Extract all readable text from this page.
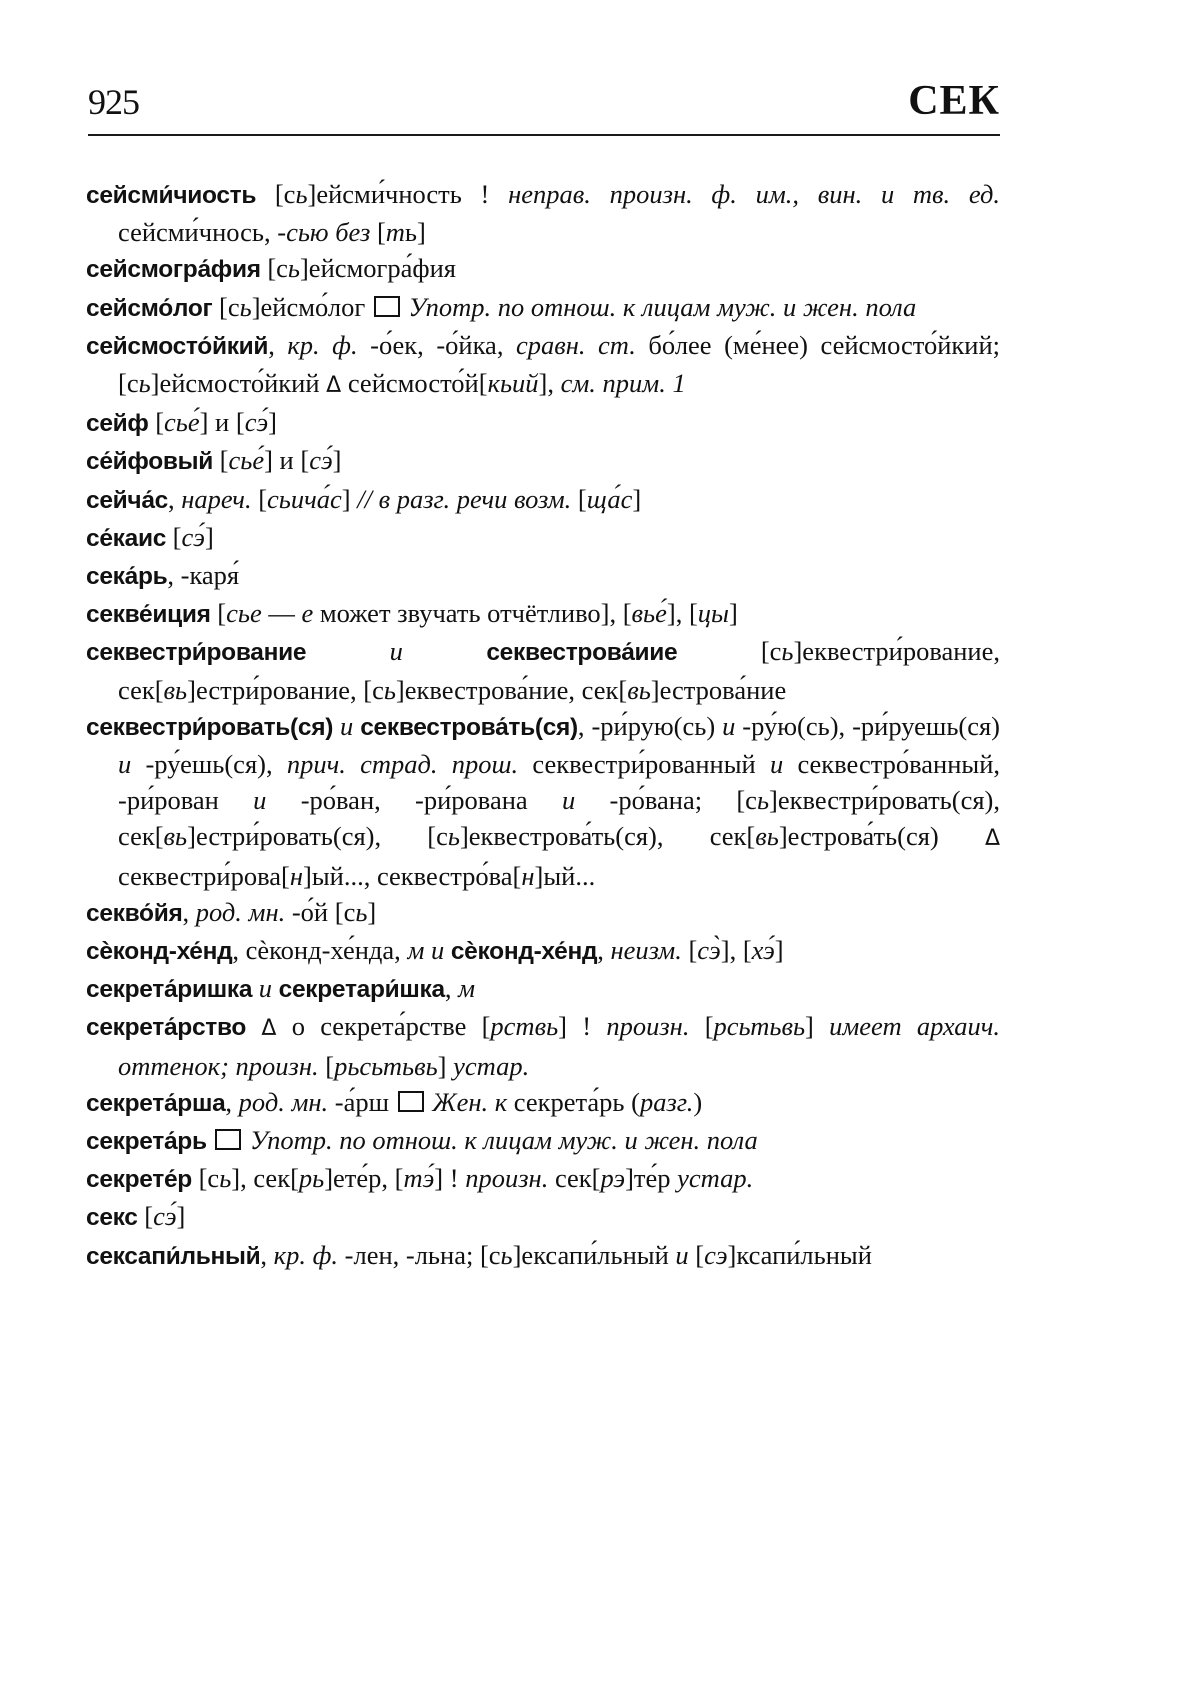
925	СЕК
сейсми́чиость [сь]ейсми́чность ! неправ. произн. ф. им., вин. и тв. ед. сейсми́чнось, -сью без [ть]
сейсмогра́фия [сь]ейсмогра́фия
сейсмо́лог [сь]ейсмо́лог  Употр. по отнош. к лицам муж. и жен. пола
сейсмосто́йкий, кр. ф. -о́ек, -о́йка, сравн. ст. бо́лее (ме́нее) сейсмосто́йкий; [сь]ейсмосто́йкий Δ сейсмосто́й[кьий], см. прим. 1
сейф [сье́] и [сэ́]
се́йфовый [сье́] и [сэ́]
сейча́с, нареч. [сьича́с] // в разг. речи возм. [ща́с]
се́каис [сэ́]
сека́рь, -каря́
секве́иция [сье — е может звучать отчётливо], [вье́], [цы]
секвестри́рование и секвестрова́иие [сь]еквестри́рование, сек[вь]естри́рование, [сь]еквестрова́ние, сек[вь]естрова́ние
секвестри́ровать(ся) и секвестрова́ть(ся), -ри́рую(сь) и -ру́ю(сь), -ри́руешь(ся) и -ру́ешь(ся), прич. страд. прош. секвестри́рованный и секвестро́ванный, -ри́рован и -ро́ван, -ри́рована и -ро́вана; [сь]еквестри́ровать(ся), сек[вь]естри́ровать(ся), [сь]еквестрова́ть(ся), сек[вь]естрова́ть(ся) Δ секвестри́рова[н]ый..., секвестро́ва[н]ый...
секво́йя, род. мн. -о́й [сь]
сѐконд-хе́нд, сѐконд-хе́нда, м и сѐконд-хе́нд, неизм. [сэ̀], [хэ́]
секрета́ришка и секретари́шка, м
секрета́рство Δ о секрета́рстве [рствь] ! произн. [рсьтьвь] имеет архаич. оттенок; произн. [рьсьтьвь] устар.
секрета́рша, род. мн. -а́рш  Жен. к секрета́рь (разг.)
секрета́рь  Употр. по отнош. к лицам муж. и жен. пола
секрете́р [сь], сек[рь]ете́р, [тэ́] ! произн. сек[рэ]те́р устар.
секс [сэ́]
сексапи́льный, кр. ф. -лен, -льна; [сь]ексапи́льный и [сэ]ксапи́льный
